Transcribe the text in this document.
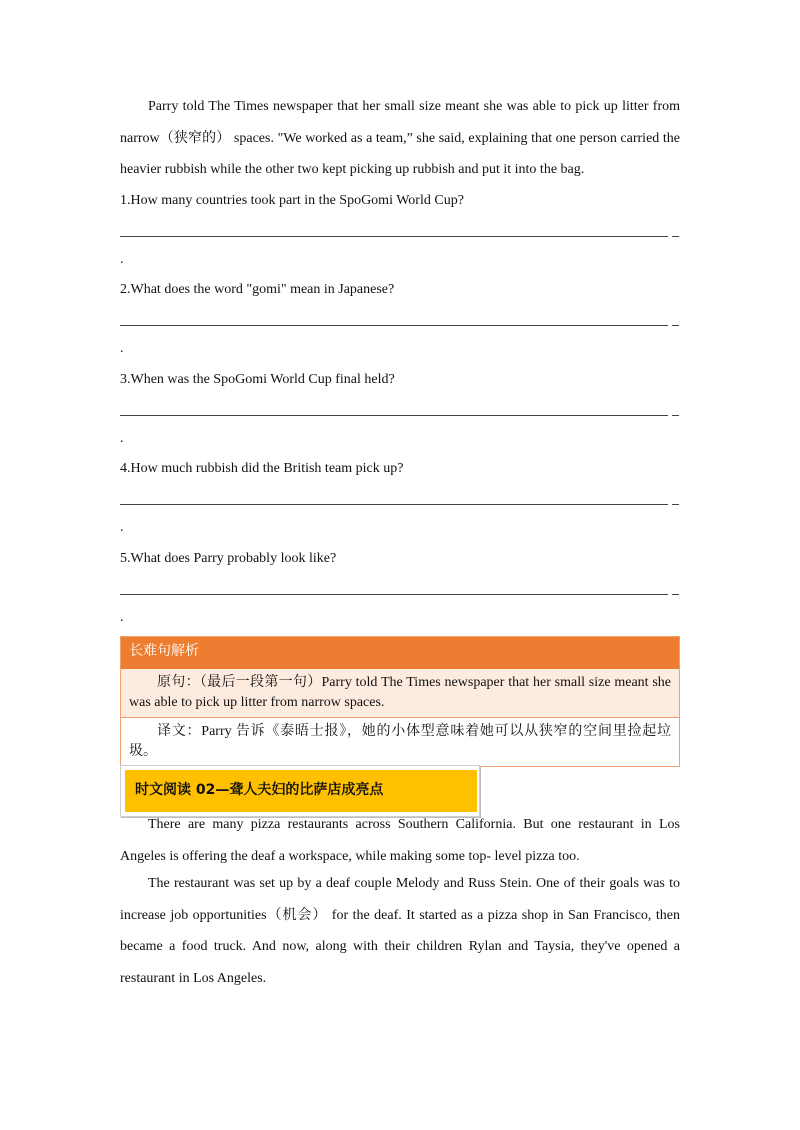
Parry told The Times newspaper that her small size meant she was able to pick up litter from narrow（狭窄的） spaces. "We worked as a team,” she said, explaining that one person carried the heavier rubbish while the other two kept picking up rubbish and put it into the bag.
1.How many countries took part in the SpoGomi World Cup?
.
2.What does the word "gomi" mean in Japanese?
.
3.When was the SpoGomi World Cup final held?
.
4.How much rubbish did the British team pick up?
.
5.What does Parry probably look like?
.
长难句解析
原句：（最后一段第一句）Parry told The Times newspaper that her small size meant she was able to pick up litter from narrow spaces.
译文：Parry 告诉《泰晤士报》，她的小体型意味着她可以从狭窄的空间里捡起垃圾。
时文阅读 02—聋人夫妇的比萨店成亮点
There are many pizza restaurants across Southern California. But one restaurant in Los Angeles is offering the deaf a workspace, while making some top- level pizza too.
The restaurant was set up by a deaf couple Melody and Russ Stein. One of their goals was to increase job opportunities（机会） for the deaf. It started as a pizza shop in San Francisco, then became a food truck. And now, along with their children Rylan and Taysia, they've opened a restaurant in Los Angeles.
